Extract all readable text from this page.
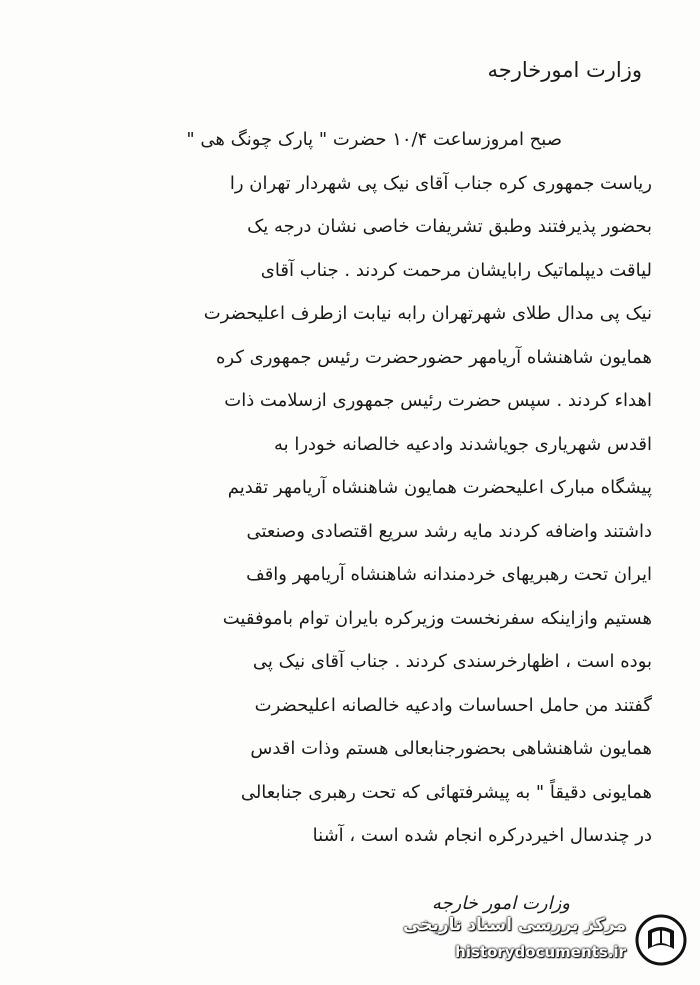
وزارت امورخارجه
صبح امروزساعت ۱۰/۴ حضرت " پارک چونگ هی "
ریاست جمهوری کره جناب آقای نیک پی شهردار تهران را
بحضور پذیرفتند وطبق تشریفات خاصی نشان درجه یک
لیاقت دیپلماتیک رابایشان مرحمت کردند . جناب آقای
نیک پی مدال طلای شهرتهران رابه نیابت ازطرف اعلیحضرت
همایون شاهنشاه آریامهر حضورحضرت رئیس جمهوری کره
اهداء کردند . سپس حضرت رئیس جمهوری ازسلامت ذات
اقدس شهریاری جویاشدند وادعیه خالصانه خودرا به
پیشگاه مبارک اعلیحضرت همایون شاهنشاه آریامهر تقدیم
داشتند واضافه کردند مایه رشد سریع اقتصادی وصنعتی
ایران تحت رهبریهای خردمندانه شاهنشاه آریامهر واقف
هستیم وازاینکه سفرنخست وزیرکره بایران توام باموفقیت
بوده است ، اظهارخرسندی کردند . جناب آقای نیک پی
گفتند من حامل احساسات وادعیه خالصانه اعلیحضرت
همایون شاهنشاهی بحضورجنابعالی هستم وذات اقدس
همایونی دقیقاً " به پیشرفتهائی که تحت رهبری جنابعالی
در چندسال اخیردرکره انجام شده است ، آشنا
وزارت امور خارجه
مرکز بررسی اسناد تاریخی
historydocuments.ir
